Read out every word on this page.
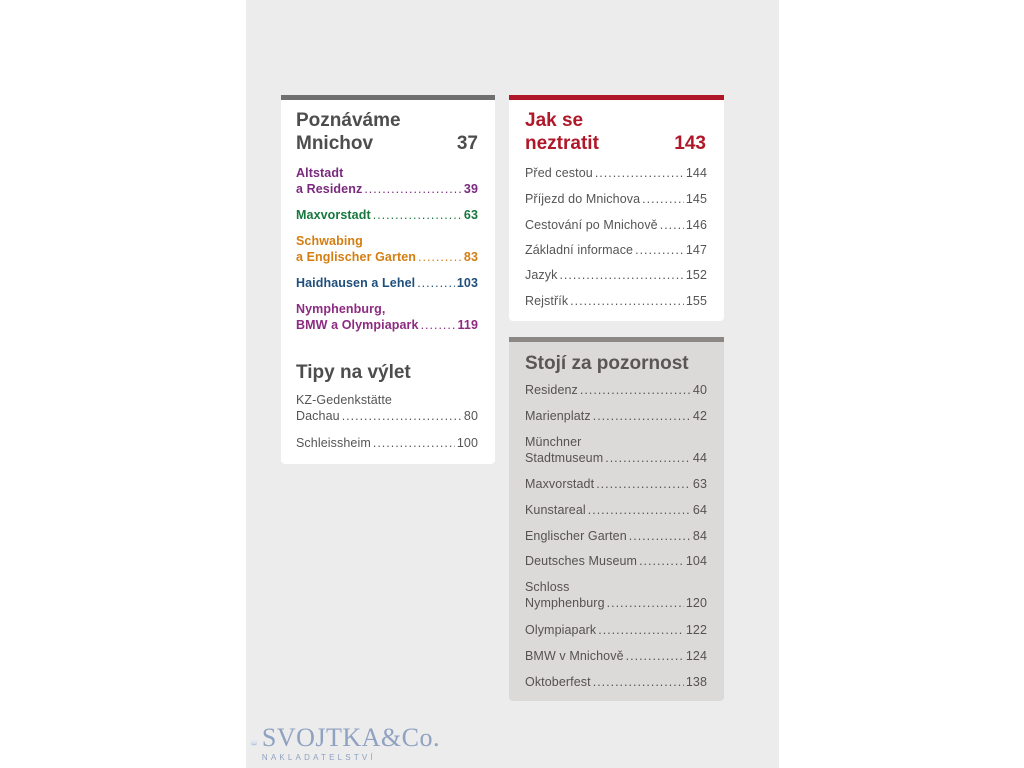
Poznáváme
Mnichov	37
Altstadt
a Residenz .....	39
Maxvorstadt .....	63
Schwabing
a Englischer Garten .....	83
Haidhausen a Lehel .....	103
Nymphenburg,
BMW a Olympiapark .....	119
Tipy na výlet
KZ-Gedenkstätte
Dachau .....	80
Schleissheim .....	100
Jak se
neztratit	143
Před cestou .....	144
Příjezd do Mnichova .....	145
Cestování po Mnichově ..... 146
Základní informace .....	147
Jazyk .....	152
Rejstřík .....	155
Stojí za pozornost
Residenz .....	40
Marienplatz .....	42
Münchner
Stadtmuseum .....	44
Maxvorstadt .....	63
Kunstareal .....	64
Englischer Garten .....	84
Deutsches Museum .....	104
Schloss
Nymphenburg .....	120
Olympiapark .....	122
BMW v Mnichově .....	124
Oktoberfest .....	138
SVOJTKA&Co.
NAKLADATELSTVÍ
